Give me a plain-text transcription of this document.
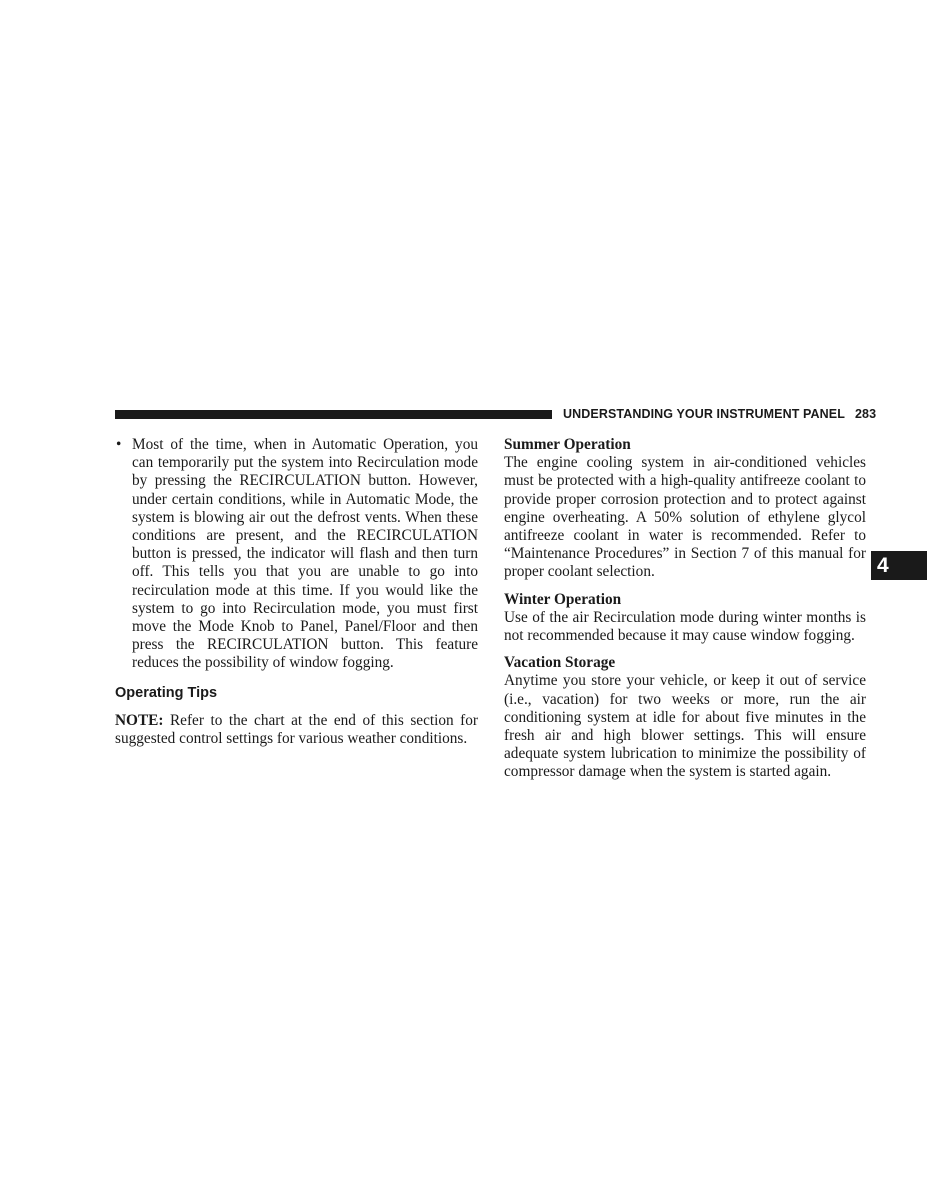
UNDERSTANDING YOUR INSTRUMENT PANEL 283
4
• Most of the time, when in Automatic Operation, you can temporarily put the system into Recirculation mode by pressing the RECIRCULATION button. However, under certain conditions, while in Automatic Mode, the system is blowing air out the defrost vents. When these conditions are present, and the RECIRCULATION button is pressed, the indicator will flash and then turn off. This tells you that you are unable to go into recirculation mode at this time. If you would like the system to go into Recirculation mode, you must first move the Mode Knob to Panel, Panel/Floor and then press the RECIRCULATION button. This feature reduces the possibility of window fogging.

Operating Tips

NOTE: Refer to the chart at the end of this section for suggested control settings for various weather conditions.

Summer Operation

The engine cooling system in air-conditioned vehicles must be protected with a high-quality antifreeze coolant to provide proper corrosion protection and to protect against engine overheating. A 50% solution of ethylene glycol antifreeze coolant in water is recommended. Refer to “Maintenance Procedures” in Section 7 of this manual for proper coolant selection.

Winter Operation

Use of the air Recirculation mode during winter months is not recommended because it may cause window fogging.

Vacation Storage

Anytime you store your vehicle, or keep it out of service (i.e., vacation) for two weeks or more, run the air conditioning system at idle for about five minutes in the fresh air and high blower settings. This will ensure adequate system lubrication to minimize the possibility of compressor damage when the system is started again.
